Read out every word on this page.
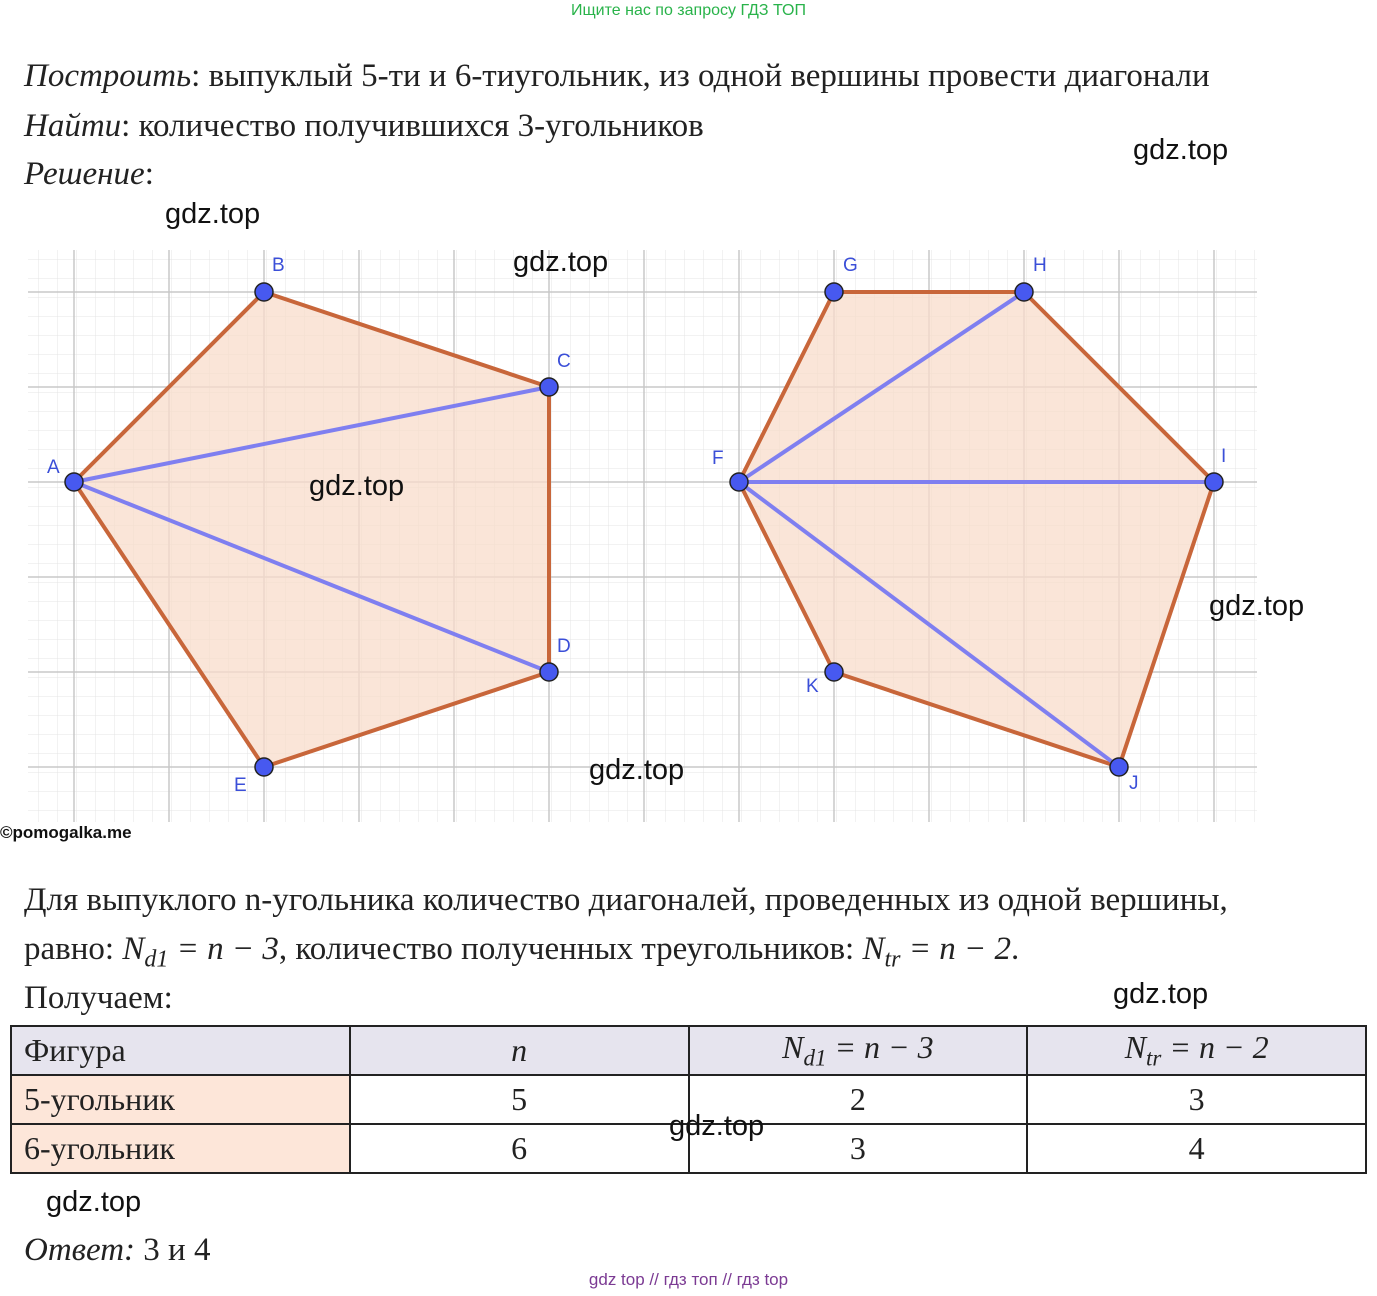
Ищите нас по запросу ГДЗ ТОП
Построить: выпуклый 5-ти и 6-тиугольник, из одной вершины провести диагонали
Найти: количество получившихся 3-угольников
Решение:
A
B
C
D
E
F
G	H
I
J
K
©pomogalka.me
gdz.top
gdz.top
gdz.top
gdz.top
gdz.top
gdz.top
Для выпуклого n-угольника количество диагоналей, проведенных из одной вершины,
равно: $N_{d1} = n - 3$, количество полученных треугольников: $N_{tr} = n - 2$.
Получаем:	gdz.top
Фигура	n	$N_{d1} = n - 3$	$N_{tr} = n - 2$
5-угольник	5	2	3
6-угольник	6	3	4
gdz.top
gdz.top
Ответ: 3 и 4
gdz top // гдз топ // гдз top
